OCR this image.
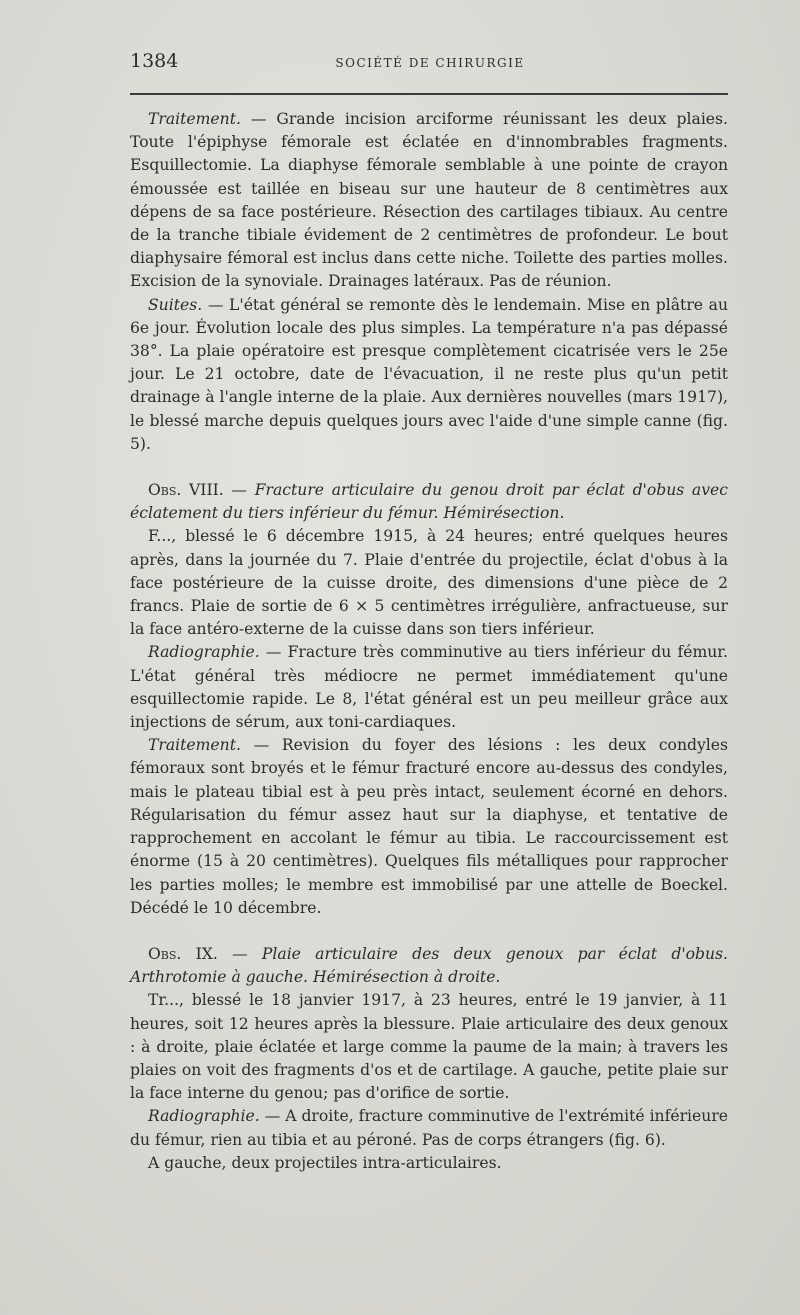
1384	SOCIÉTÉ DE CHIRURGIE

Traitement. — Grande incision arciforme réunissant les deux plaies. Toute l'épiphyse fémorale est éclatée en d'innombrables fragments. Esquillectomie. La diaphyse fémorale semblable à une pointe de crayon émoussée est taillée en biseau sur une hauteur de 8 centimètres aux dépens de sa face postérieure. Résection des cartilages tibiaux. Au centre de la tranche tibiale évidement de 2 centimètres de profondeur. Le bout diaphysaire fémoral est inclus dans cette niche. Toilette des parties molles. Excision de la synoviale. Drainages latéraux. Pas de réunion.

Suites. — L'état général se remonte dès le lendemain. Mise en plâtre au 6e jour. Évolution locale des plus simples. La température n'a pas dépassé 38°. La plaie opératoire est presque complètement cicatrisée vers le 25e jour. Le 21 octobre, date de l'évacuation, il ne reste plus qu'un petit drainage à l'angle interne de la plaie. Aux dernières nouvelles (mars 1917), le blessé marche depuis quelques jours avec l'aide d'une simple canne (fig. 5).

Obs. VIII. — Fracture articulaire du genou droit par éclat d'obus avec éclatement du tiers inférieur du fémur. Hémirésection.

F..., blessé le 6 décembre 1915, à 24 heures; entré quelques heures après, dans la journée du 7. Plaie d'entrée du projectile, éclat d'obus à la face postérieure de la cuisse droite, des dimensions d'une pièce de 2 francs. Plaie de sortie de 6 × 5 centimètres irrégulière, anfractueuse, sur la face antéro-externe de la cuisse dans son tiers inférieur.

Radiographie. — Fracture très comminutive au tiers inférieur du fémur. L'état général très médiocre ne permet immédiatement qu'une esquillectomie rapide. Le 8, l'état général est un peu meilleur grâce aux injections de sérum, aux toni-cardiaques.

Traitement. — Revision du foyer des lésions : les deux condyles fémoraux sont broyés et le fémur fracturé encore au-dessus des condyles, mais le plateau tibial est à peu près intact, seulement écorné en dehors. Régularisation du fémur assez haut sur la diaphyse, et tentative de rapprochement en accolant le fémur au tibia. Le raccourcissement est énorme (15 à 20 centimètres). Quelques fils métalliques pour rapprocher les parties molles; le membre est immobilisé par une attelle de Boeckel. Décédé le 10 décembre.

Obs. IX. — Plaie articulaire des deux genoux par éclat d'obus. Arthrotomie à gauche. Hémirésection à droite.

Tr..., blessé le 18 janvier 1917, à 23 heures, entré le 19 janvier, à 11 heures, soit 12 heures après la blessure. Plaie articulaire des deux genoux : à droite, plaie éclatée et large comme la paume de la main; à travers les plaies on voit des fragments d'os et de cartilage. A gauche, petite plaie sur la face interne du genou; pas d'orifice de sortie.

Radiographie. — A droite, fracture comminutive de l'extrémité inférieure du fémur, rien au tibia et au péroné. Pas de corps étrangers (fig. 6).

A gauche, deux projectiles intra-articulaires.
